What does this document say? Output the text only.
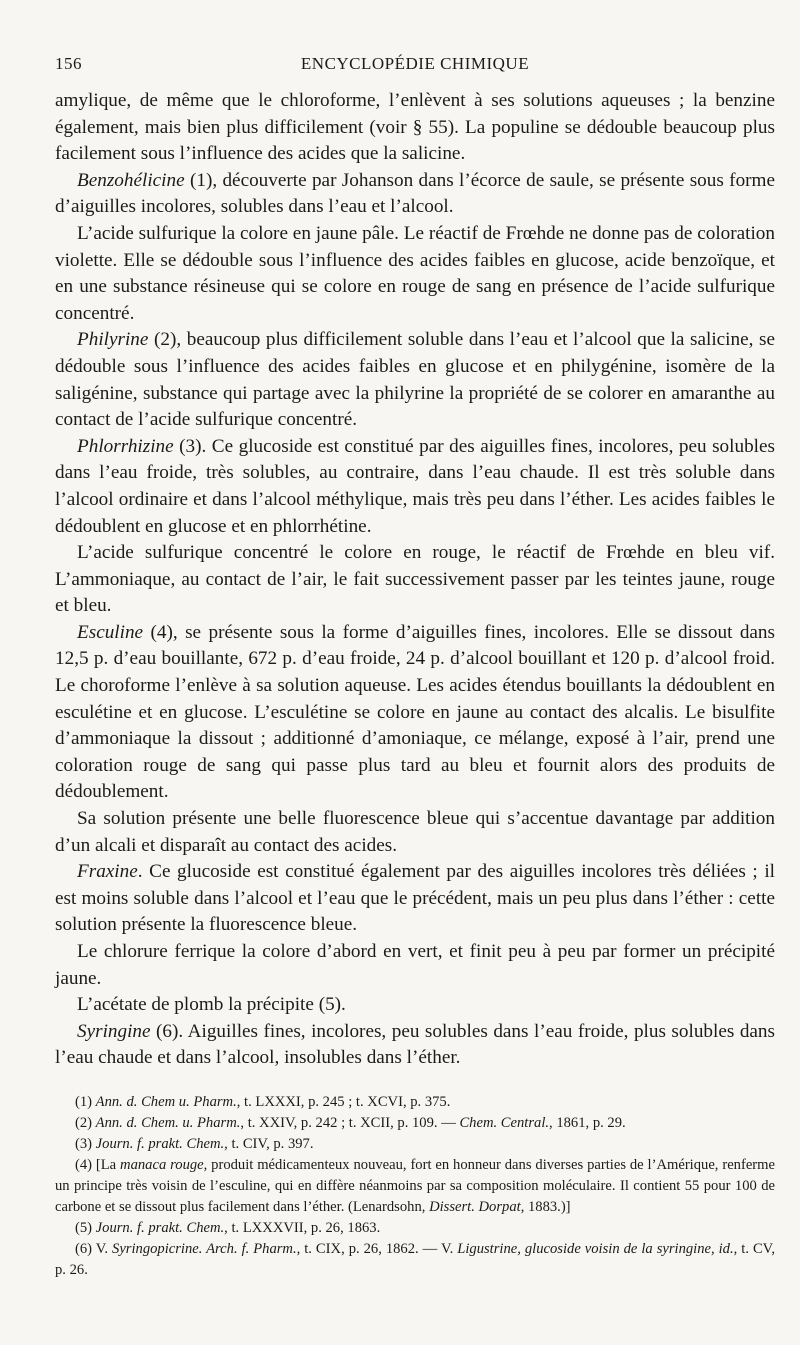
156	ENCYCLOPÉDIE CHIMIQUE

amylique, de même que le chloroforme, l’enlèvent à ses solutions aqueuses ; la benzine également, mais bien plus difficilement (voir § 55). La populine se dédouble beaucoup plus facilement sous l’influence des acides que la salicine.

Benzohélicine (1), découverte par Johanson dans l’écorce de saule, se présente sous forme d’aiguilles incolores, solubles dans l’eau et l’alcool.

L’acide sulfurique la colore en jaune pâle. Le réactif de Frœhde ne donne pas de coloration violette. Elle se dédouble sous l’influence des acides faibles en glucose, acide benzoïque, et en une substance résineuse qui se colore en rouge de sang en présence de l’acide sulfurique concentré.

Philyrine (2), beaucoup plus difficilement soluble dans l’eau et l’alcool que la salicine, se dédouble sous l’influence des acides faibles en glucose et en philygénine, isomère de la saligénine, substance qui partage avec la philyrine la propriété de se colorer en amaranthe au contact de l’acide sulfurique concentré.

Phlorrhizine (3). Ce glucoside est constitué par des aiguilles fines, incolores, peu solubles dans l’eau froide, très solubles, au contraire, dans l’eau chaude. Il est très soluble dans l’alcool ordinaire et dans l’alcool méthylique, mais très peu dans l’éther. Les acides faibles le dédoublent en glucose et en phlorrhétine.

L’acide sulfurique concentré le colore en rouge, le réactif de Frœhde en bleu vif. L’ammoniaque, au contact de l’air, le fait successivement passer par les teintes jaune, rouge et bleu.

Esculine (4), se présente sous la forme d’aiguilles fines, incolores. Elle se dissout dans 12,5 p. d’eau bouillante, 672 p. d’eau froide, 24 p. d’alcool bouillant et 120 p. d’alcool froid. Le choroforme l’enlève à sa solution aqueuse. Les acides étendus bouillants la dédoublent en esculétine et en glucose. L’esculétine se colore en jaune au contact des alcalis. Le bisulfite d’ammoniaque la dissout ; additionné d’amoniaque, ce mélange, exposé à l’air, prend une coloration rouge de sang qui passe plus tard au bleu et fournit alors des produits de dédoublement.

Sa solution présente une belle fluorescence bleue qui s’accentue davantage par addition d’un alcali et disparaît au contact des acides.

Fraxine. Ce glucoside est constitué également par des aiguilles incolores très déliées ; il est moins soluble dans l’alcool et l’eau que le précédent, mais un peu plus dans l’éther : cette solution présente la fluorescence bleue.

Le chlorure ferrique la colore d’abord en vert, et finit peu à peu par former un précipité jaune.

L’acétate de plomb la précipite (5).

Syringine (6). Aiguilles fines, incolores, peu solubles dans l’eau froide, plus solubles dans l’eau chaude et dans l’alcool, insolubles dans l’éther.

(1) Ann. d. Chem u. Pharm., t. LXXXI, p. 245 ; t. XCVI, p. 375.

(2) Ann. d. Chem. u. Pharm., t. XXIV, p. 242 ; t. XCII, p. 109. — Chem. Central., 1861, p. 29.

(3) Journ. f. prakt. Chem., t. CIV, p. 397.

(4) [La manaca rouge, produit médicamenteux nouveau, fort en honneur dans diverses parties de l’Amérique, renferme un principe très voisin de l’esculine, qui en diffère néanmoins par sa composition moléculaire. Il contient 55 pour 100 de carbone et se dissout plus facilement dans l’éther. (Lenardsohn, Dissert. Dorpat, 1883.)]

(5) Journ. f. prakt. Chem., t. LXXXVII, p. 26, 1863.

(6) V. Syringopicrine. Arch. f. Pharm., t. CIX, p. 26, 1862. — V. Ligustrine, glucoside voisin de la syringine, id., t. CV, p. 26.
